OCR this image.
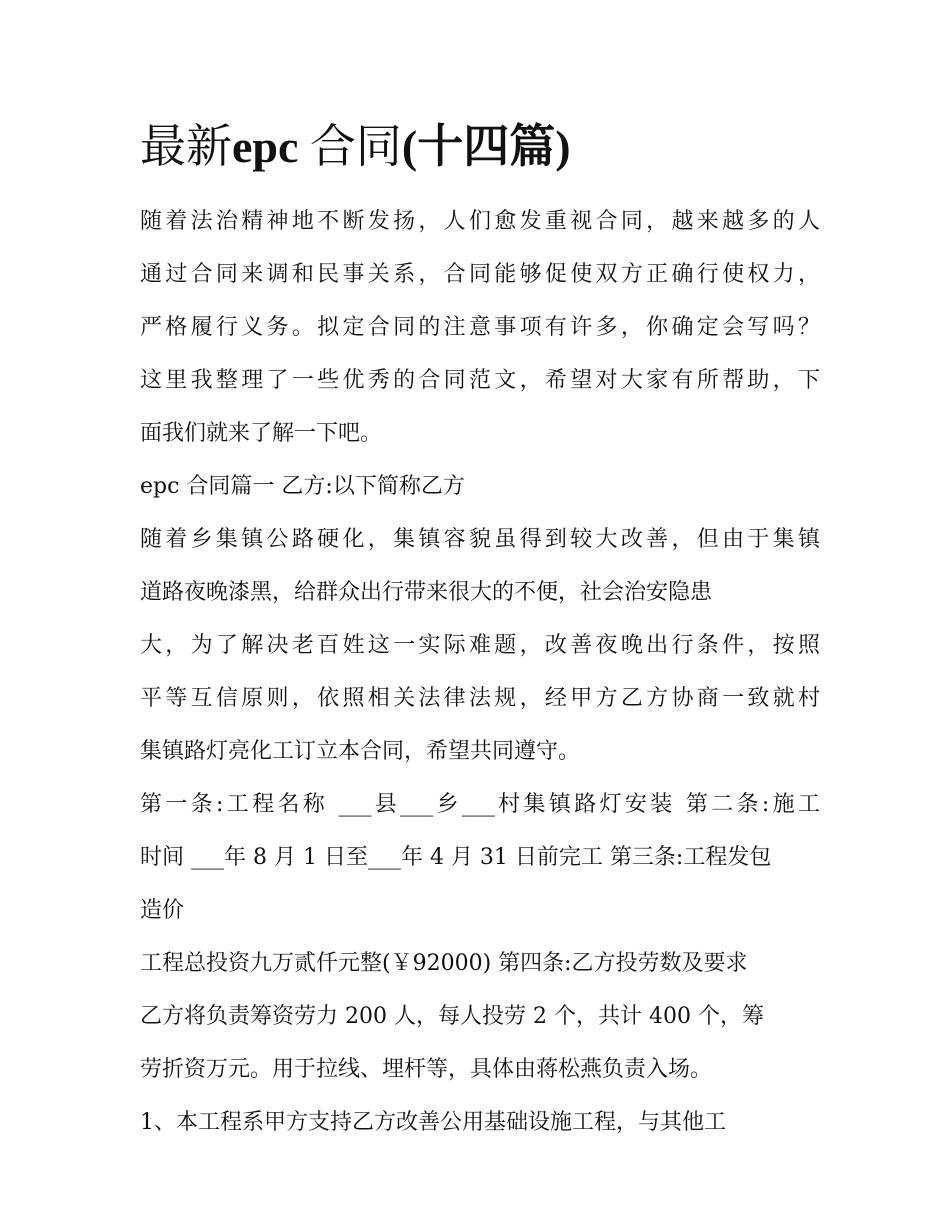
最新epc 合同(十四篇)
随着法治精神地不断发扬，人们愈发重视合同，越来越多的人
通过合同来调和民事关系，合同能够促使双方正确行使权力，
严格履行义务。拟定合同的注意事项有许多，你确定会写吗？
这里我整理了一些优秀的合同范文，希望对大家有所帮助，下
面我们就来了解一下吧。
epc 合同篇一 乙方:以下简称乙方
随着乡集镇公路硬化，集镇容貌虽得到较大改善，但由于集镇
道路夜晚漆黑，给群众出行带来很大的不便，社会治安隐患
大，为了解决老百姓这一实际难题，改善夜晚出行条件，按照
平等互信原则，依照相关法律法规，经甲方乙方协商一致就村
集镇路灯亮化工订立本合同，希望共同遵守。
第一条:工程名称 ___县___乡___村集镇路灯安装 第二条:施工
时间 ___年 8 月 1 日至___年 4 月 31 日前完工 第三条:工程发包
造价
工程总投资九万贰仟元整(￥92000) 第四条:乙方投劳数及要求
乙方将负责筹资劳力 200 人，每人投劳 2 个，共计 400 个，筹
劳折资万元。用于拉线、埋杆等，具体由蒋松燕负责入场。
1、本工程系甲方支持乙方改善公用基础设施工程，与其他工
